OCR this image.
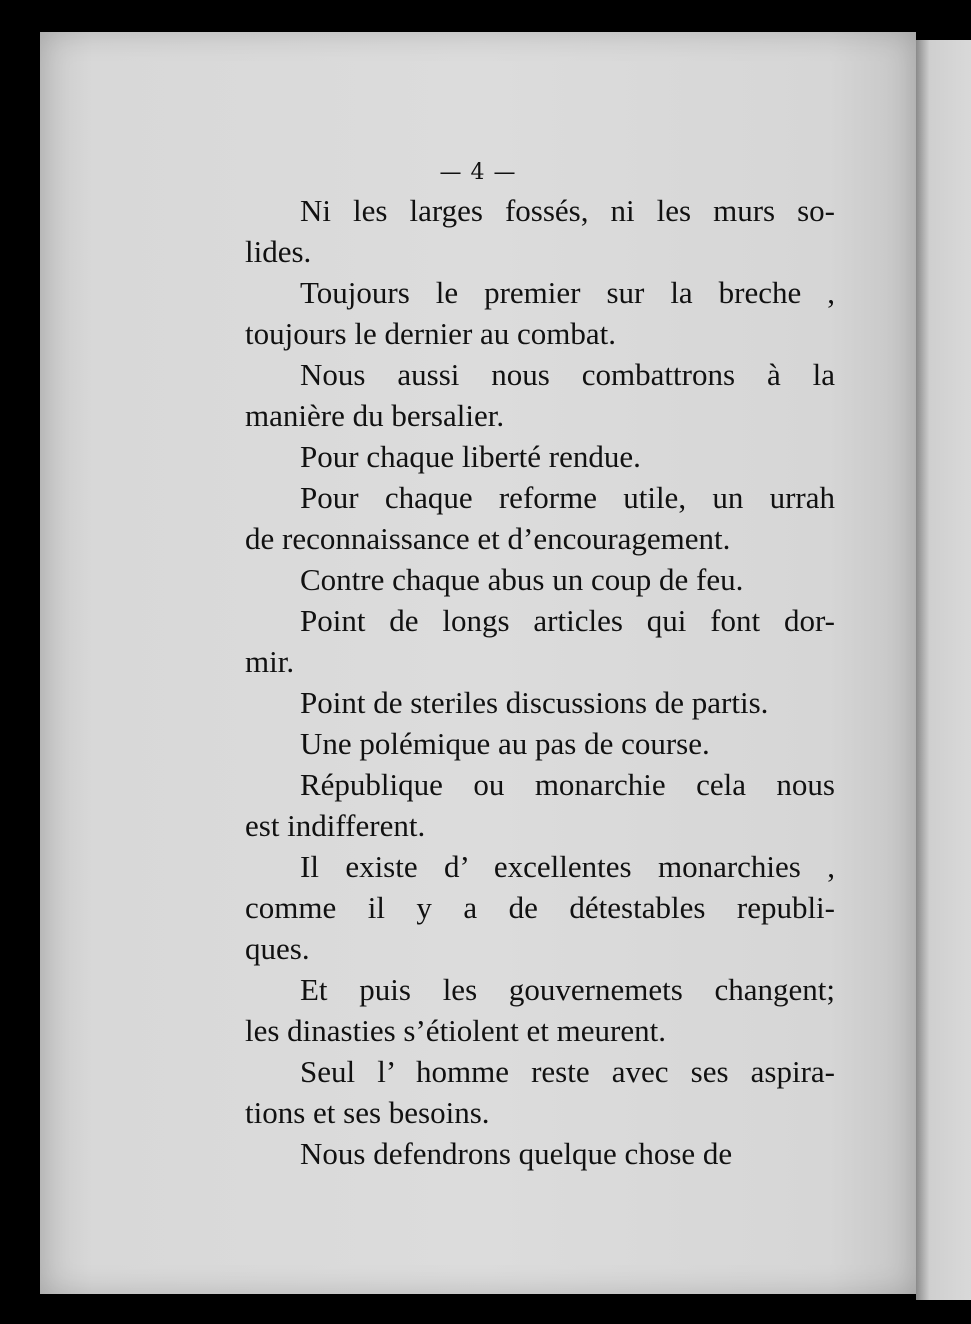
— 4 —
Ni les larges fossés, ni les murs so-
lides.
Toujours le premier sur la breche ,
toujours le dernier au combat.
Nous aussi nous combattrons à la
manière du bersalier.
Pour chaque liberté rendue.
Pour chaque reforme utile, un urrah
de reconnaissance et d’encouragement.
Contre chaque abus un coup de feu.
Point de longs articles qui font dor-
mir.
Point de steriles discussions de partis.
Une polémique au pas de course.
République ou monarchie cela nous
est indifferent.
Il existe d’ excellentes monarchies ,
comme il y a de détestables republi-
ques.
Et puis les gouvernemets changent;
les dinasties s’étiolent et meurent.
Seul l’ homme reste avec ses aspira-
tions et ses besoins.
Nous defendrons quelque chose de
